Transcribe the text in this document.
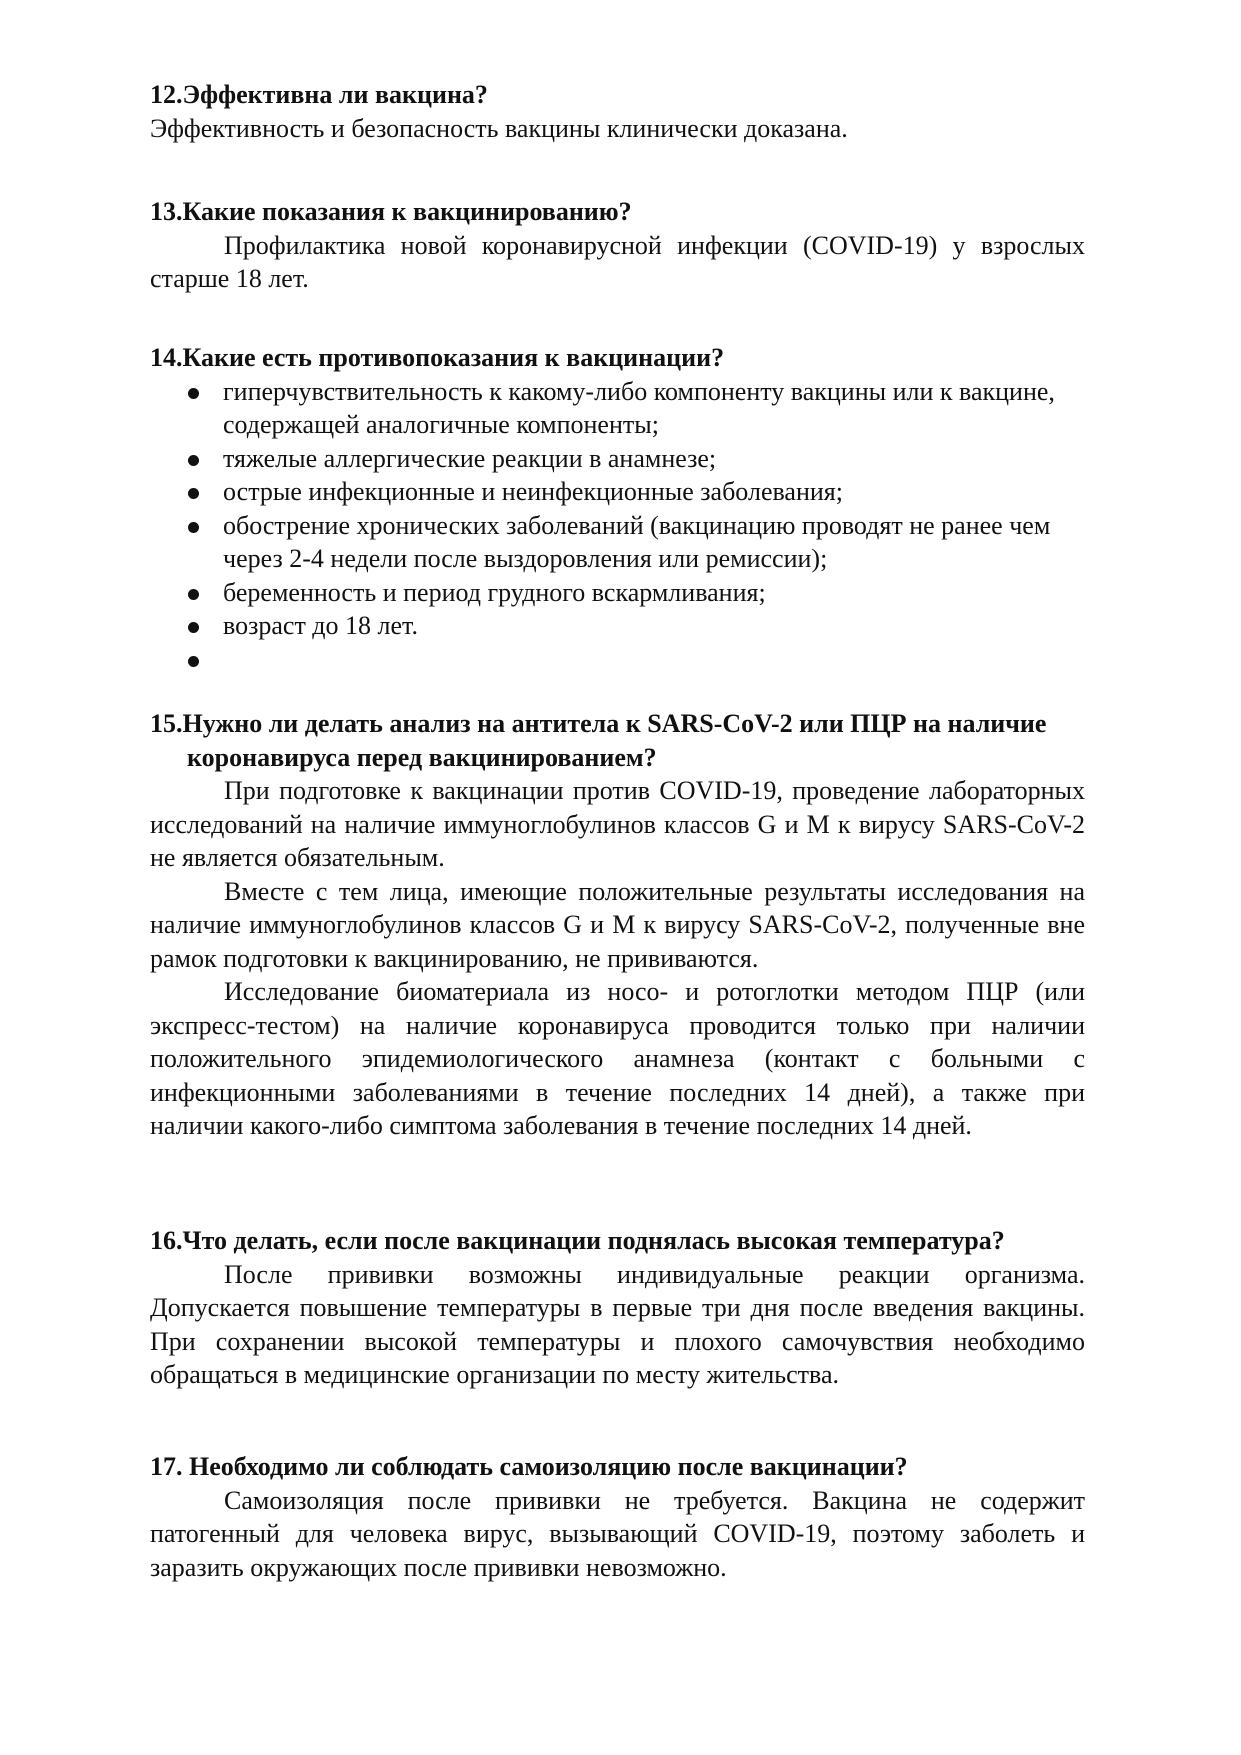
12.Эффективна ли вакцина?

Эффективность и безопасность вакцины клинически доказана.

13.Какие показания к вакцинированию?

Профилактика новой коронавирусной инфекции (COVID-19) у взрослых старше 18 лет.

14.Какие есть противопоказания к вакцинации?

гиперчувствительность к какому-либо компоненту вакцины или к вакцине, содержащей аналогичные компоненты;
тяжелые аллергические реакции в анамнезе;
острые инфекционные и неинфекционные заболевания;
обострение хронических заболеваний (вакцинацию проводят не ранее чем через 2-4 недели после выздоровления или ремиссии);
беременность и период грудного вскармливания;
возраст до 18 лет.

15.Нужно ли делать анализ на антитела к SARS-CoV-2 или ПЦР на наличие коронавируса перед вакцинированием?

При подготовке к вакцинации против COVID-19, проведение лабораторных исследований на наличие иммуноглобулинов классов G и M к вирусу SARS-CoV-2 не является обязательным.

Вместе с тем лица, имеющие положительные результаты исследования на наличие иммуноглобулинов классов G и M к вирусу SARS-CoV-2, полученные вне рамок подготовки к вакцинированию, не прививаются.

Исследование биоматериала из носо- и ротоглотки методом ПЦР (или экспресс-тестом) на наличие коронавируса проводится только при наличии положительного эпидемиологического анамнеза (контакт с больными с инфекционными заболеваниями в течение последних 14 дней), а также при наличии какого-либо симптома заболевания в течение последних 14 дней.

16.Что делать, если после вакцинации поднялась высокая температура?

После прививки возможны индивидуальные реакции организма. Допускается повышение температуры в первые три дня после введения вакцины. При сохранении высокой температуры и плохого самочувствия необходимо обращаться в медицинские организации по месту жительства.

17. Необходимо ли соблюдать самоизоляцию после вакцинации?

Самоизоляция после прививки не требуется. Вакцина не содержит патогенный для человека вирус, вызывающий COVID-19, поэтому заболеть и заразить окружающих после прививки невозможно.
